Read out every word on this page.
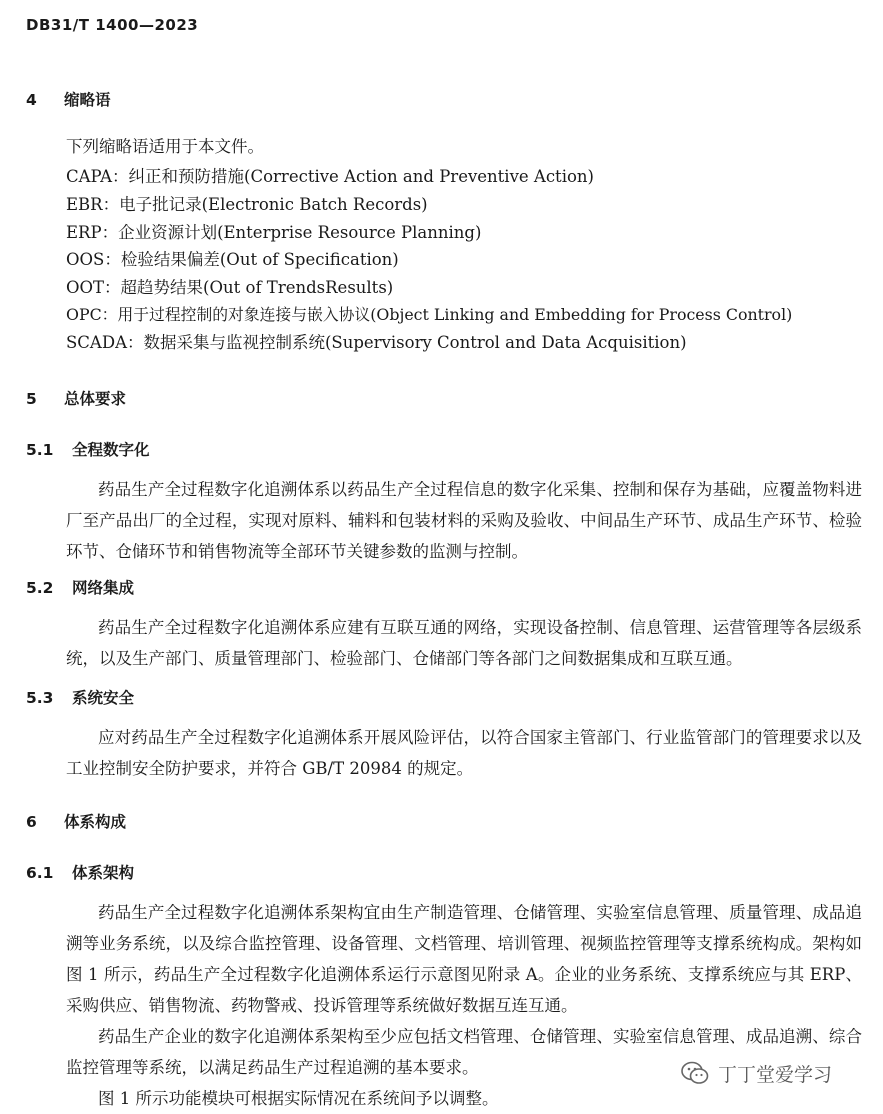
DB31/T 1400—2023
4 缩略语
下列缩略语适用于本文件。
CAPA：纠正和预防措施(Corrective Action and Preventive Action)
EBR：电子批记录(Electronic Batch Records)
ERP：企业资源计划(Enterprise Resource Planning)
OOS：检验结果偏差(Out of Specification)
OOT：超趋势结果(Out of TrendsResults)
OPC：用于过程控制的对象连接与嵌入协议(Object Linking and Embedding for Process Control)
SCADA：数据采集与监视控制系统(Supervisory Control and Data Acquisition)
5 总体要求
5.1 全程数字化

药品生产全过程数字化追溯体系以药品生产全过程信息的数字化采集、控制和保存为基础，应覆盖物料进厂至产品出厂的全过程，实现对原料、辅料和包装材料的采购及验收、中间品生产环节、成品生产环节、检验环节、仓储环节和销售物流等全部环节关键参数的监测与控制。

5.2 网络集成

药品生产全过程数字化追溯体系应建有互联互通的网络，实现设备控制、信息管理、运营管理等各层级系统，以及生产部门、质量管理部门、检验部门、仓储部门等各部门之间数据集成和互联互通。

5.3 系统安全

应对药品生产全过程数字化追溯体系开展风险评估，以符合国家主管部门、行业监管部门的管理要求以及工业控制安全防护要求，并符合 GB/T 20984 的规定。

6 体系构成
6.1 体系架构

药品生产全过程数字化追溯体系架构宜由生产制造管理、仓储管理、实验室信息管理、质量管理、成品追溯等业务系统，以及综合监控管理、设备管理、文档管理、培训管理、视频监控管理等支撑系统构成。架构如图 1 所示，药品生产全过程数字化追溯体系运行示意图见附录 A。企业的业务系统、支撑系统应与其 ERP、采购供应、销售物流、药物警戒、投诉管理等系统做好数据互连互通。

药品生产企业的数字化追溯体系架构至少应包括文档管理、仓储管理、实验室信息管理、成品追溯、综合监控管理等系统，以满足药品生产过程追溯的基本要求。

图 1 所示功能模块可根据实际情况在系统间予以调整。

丁丁堂爱学习
